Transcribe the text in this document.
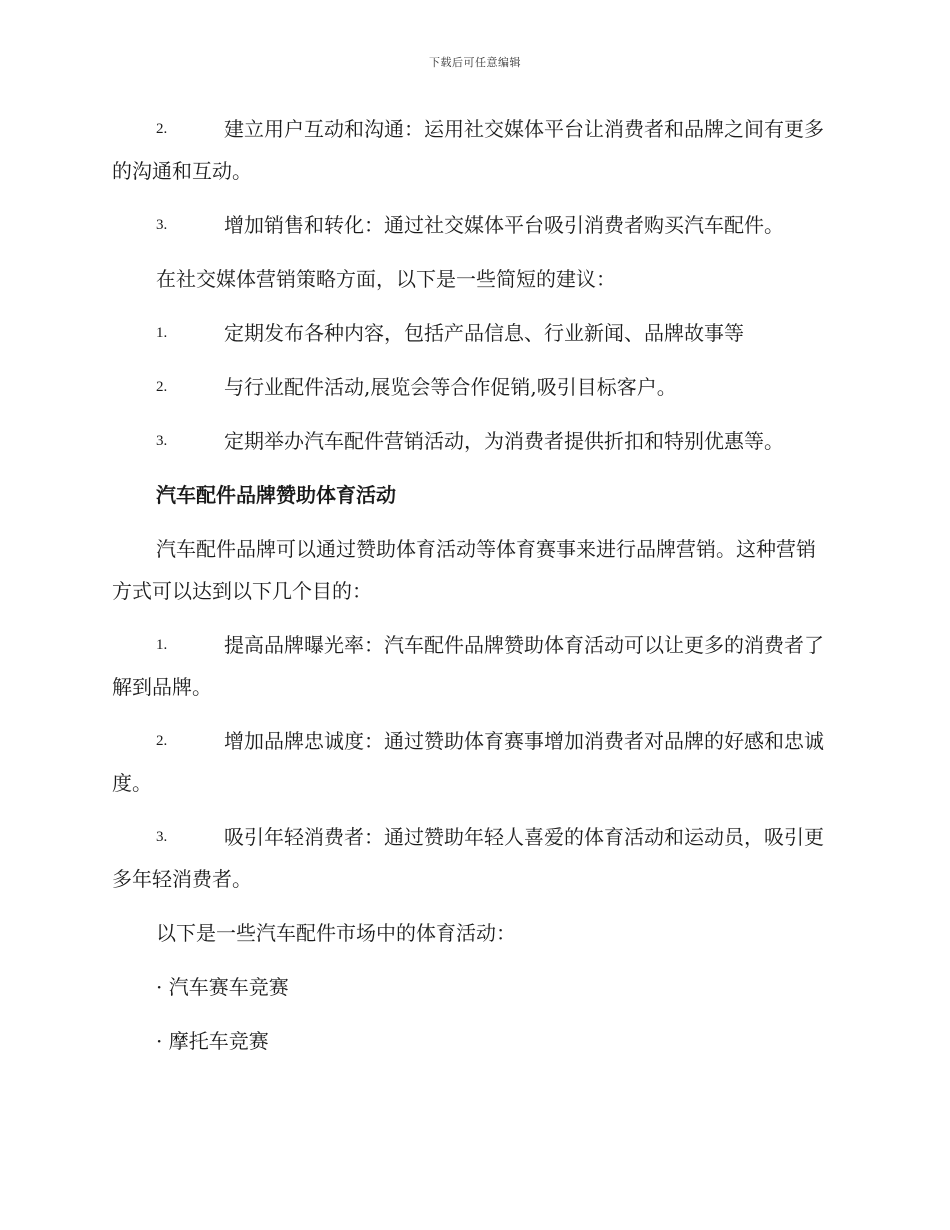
下载后可任意编辑

2.	建立用户互动和沟通：运用社交媒体平台让消费者和品牌之间有更多的沟通和互动。

3.	增加销售和转化：通过社交媒体平台吸引消费者购买汽车配件。

在社交媒体营销策略方面，以下是一些简短的建议：

1.	定期发布各种内容，包括产品信息、行业新闻、品牌故事等

2.	与行业配件活动,展览会等合作促销,吸引目标客户。

3.	定期举办汽车配件营销活动，为消费者提供折扣和特别优惠等。

汽车配件品牌赞助体育活动

汽车配件品牌可以通过赞助体育活动等体育赛事来进行品牌营销。这种营销方式可以达到以下几个目的：

1.	提高品牌曝光率：汽车配件品牌赞助体育活动可以让更多的消费者了解到品牌。

2.	增加品牌忠诚度：通过赞助体育赛事增加消费者对品牌的好感和忠诚度。

3.	吸引年轻消费者：通过赞助年轻人喜爱的体育活动和运动员，吸引更多年轻消费者。

以下是一些汽车配件市场中的体育活动：

· 汽车赛车竞赛

· 摩托车竞赛
